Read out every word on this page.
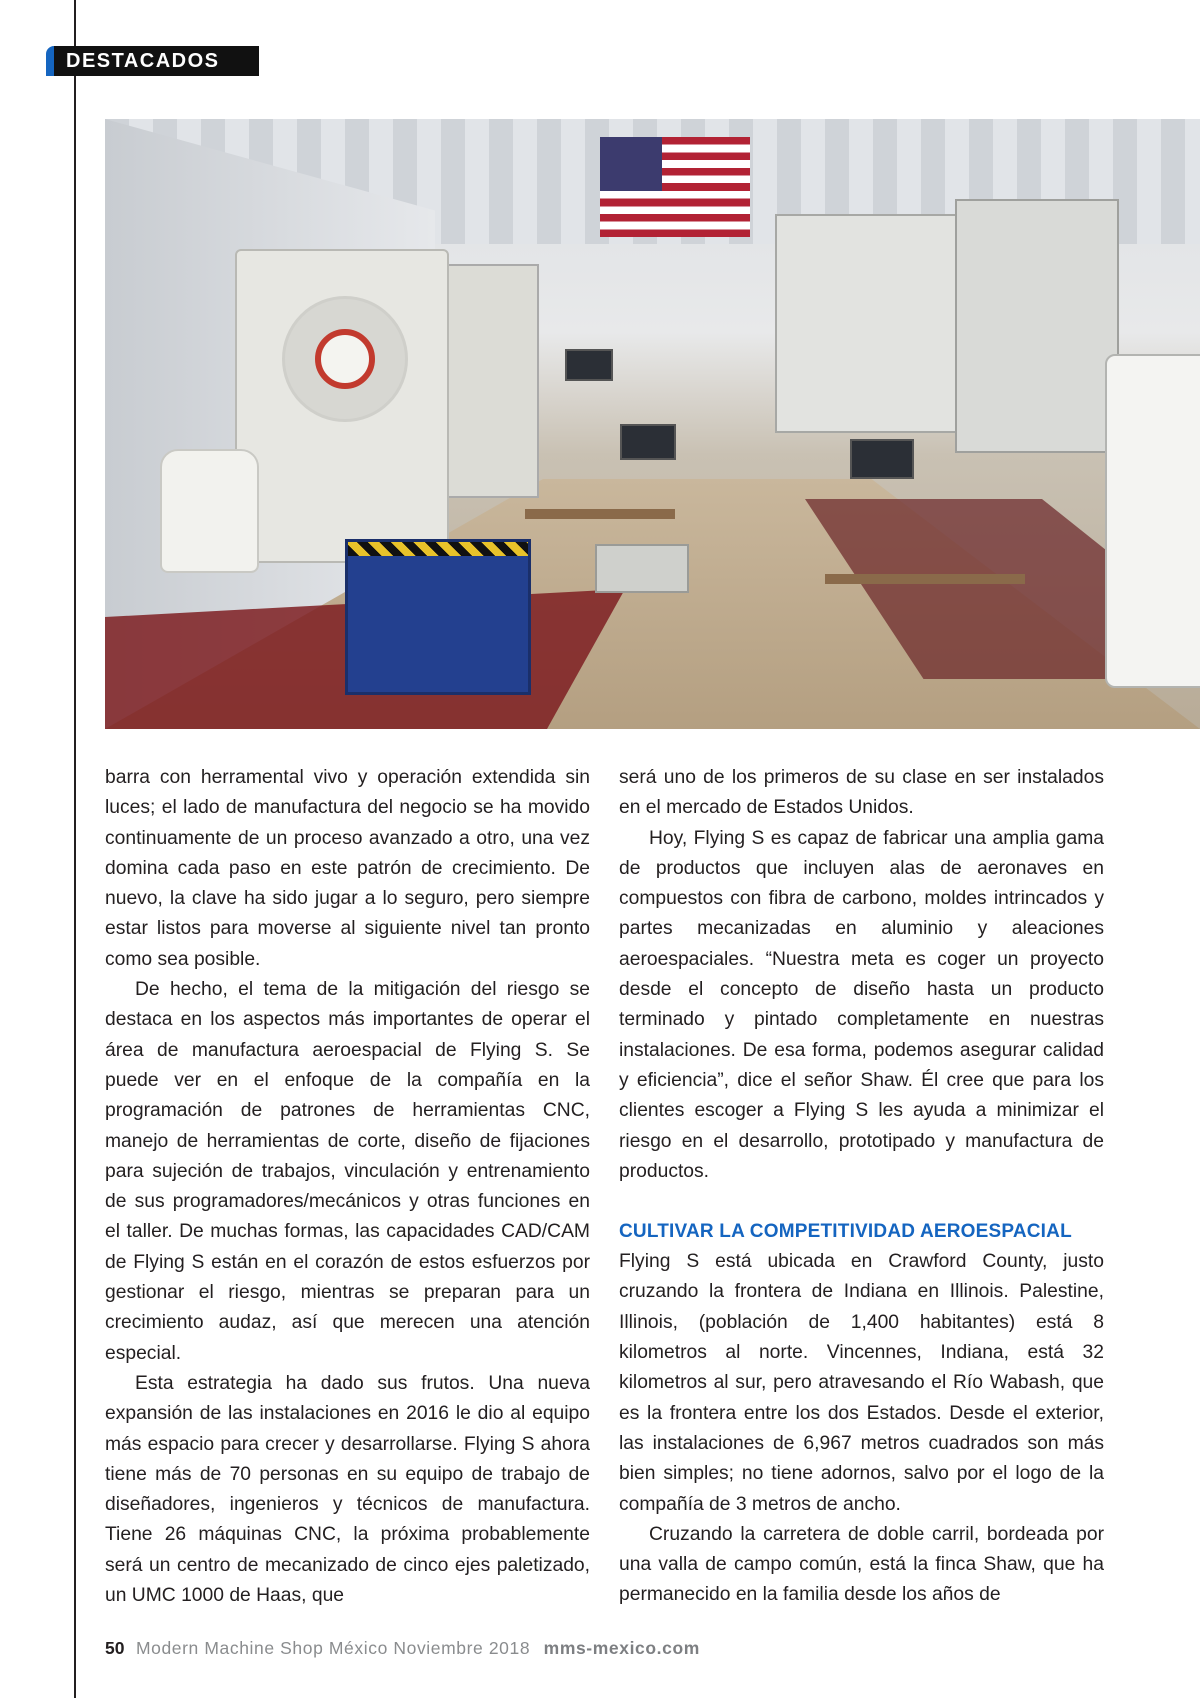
DESTACADOS

barra con herramental vivo y operación extendida sin luces; el lado de manufactura del negocio se ha movido continuamente de un proceso avanzado a otro, una vez domina cada paso en este patrón de crecimiento. De nuevo, la clave ha sido jugar a lo seguro, pero siempre estar listos para moverse al siguiente nivel tan pronto como sea posible.

De hecho, el tema de la mitigación del riesgo se destaca en los aspectos más importantes de operar el área de manufactura aeroespacial de Flying S. Se puede ver en el enfoque de la compañía en la programación de patrones de herramientas CNC, manejo de herramientas de corte, diseño de fijaciones para sujeción de trabajos, vinculación y entrenamiento de sus programadores/mecánicos y otras funciones en el taller. De muchas formas, las capacidades CAD/CAM de Flying S están en el corazón de estos esfuerzos por gestionar el riesgo, mientras se preparan para un crecimiento audaz, así que merecen una atención especial.

Esta estrategia ha dado sus frutos. Una nueva expansión de las instalaciones en 2016 le dio al equipo más espacio para crecer y desarrollarse. Flying S ahora tiene más de 70 personas en su equipo de trabajo de diseñadores, ingenieros y técnicos de manufactura. Tiene 26 máquinas CNC, la próxima probablemente será un centro de mecanizado de cinco ejes paletizado, un UMC 1000 de Haas, que

será uno de los primeros de su clase en ser instalados en el mercado de Estados Unidos.

Hoy, Flying S es capaz de fabricar una amplia gama de productos que incluyen alas de aeronaves en compuestos con fibra de carbono, moldes intrincados y partes mecanizadas en aluminio y aleaciones aeroespaciales. “Nuestra meta es coger un proyecto desde el concepto de diseño hasta un producto terminado y pintado completamente en nuestras instalaciones. De esa forma, podemos asegurar calidad y eficiencia”, dice el señor Shaw. Él cree que para los clientes escoger a Flying S les ayuda a minimizar el riesgo en el desarrollo, prototipado y manufactura de productos.

CULTIVAR LA COMPETITIVIDAD AEROESPACIAL

Flying S está ubicada en Crawford County, justo cruzando la frontera de Indiana en Illinois. Palestine, Illinois, (población de 1,400 habitantes) está 8 kilometros al norte. Vincennes, Indiana, está 32 kilometros al sur, pero atravesando el Río Wabash, que es la frontera entre los dos Estados. Desde el exterior, las instalaciones de 6,967 metros cuadrados son más bien simples; no tiene adornos, salvo por el logo de la compañía de 3 metros de ancho.

Cruzando la carretera de doble carril, bordeada por una valla de campo común, está la finca Shaw, que ha permanecido en la familia desde los años de

50 Modern Machine Shop México Noviembre 2018 mms-mexico.com
